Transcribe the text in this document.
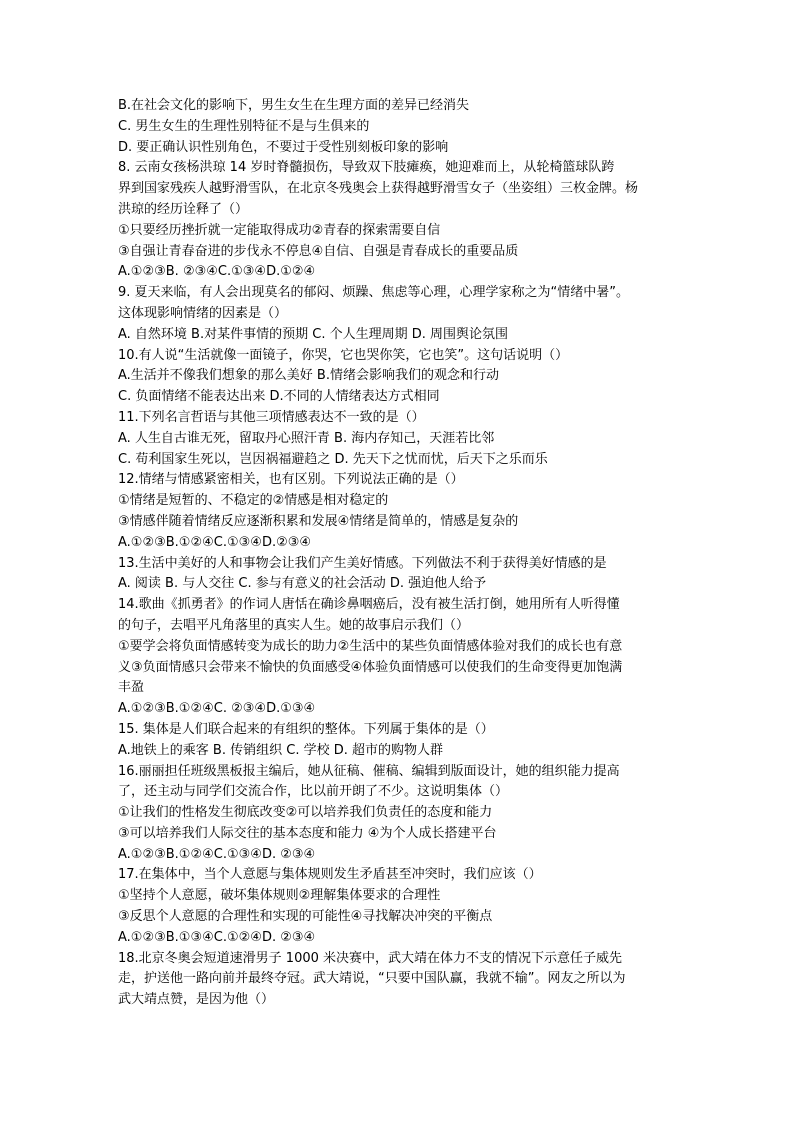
B.在社会文化的影响下，男生女生在生理方面的差异已经消失
C. 男生女生的生理性别特征不是与生俱来的
D. 要正确认识性别角色，不要过于受性别刻板印象的影响
8. 云南女孩杨洪琼 14 岁时脊髓损伤，导致双下肢瘫痪，她迎难而上，从轮椅篮球队跨
界到国家残疾人越野滑雪队，在北京冬残奥会上获得越野滑雪女子（坐姿组）三枚金牌。杨
洪琼的经历诠释了（）
①只要经历挫折就一定能取得成功②青春的探索需要自信
③自强让青春奋进的步伐永不停息④自信、自强是青春成长的重要品质
A.①②③B. ②③④C.①③④D.①②④
9. 夏天来临，有人会出现莫名的郁闷、烦躁、焦虑等心理，心理学家称之为“情绪中暑”。
这体现影响情绪的因素是（）
A. 自然环境 B.对某件事情的预期 C. 个人生理周期 D. 周围舆论氛围
10.有人说“生活就像一面镜子，你哭，它也哭你笑，它也笑”。这句话说明（）
A.生活并不像我们想象的那么美好 B.情绪会影响我们的观念和行动
C. 负面情绪不能表达出来 D.不同的人情绪表达方式相同
11.下列名言哲语与其他三项情感表达不一致的是（）
A. 人生自古谁无死，留取丹心照汗青 B. 海内存知己，天涯若比邻
C. 苟利国家生死以，岂因祸福避趋之 D. 先天下之忧而忧，后天下之乐而乐
12.情绪与情感紧密相关，也有区别。下列说法正确的是（）
①情绪是短暂的、不稳定的②情感是相对稳定的
③情感伴随着情绪反应逐渐积累和发展④情绪是简单的，情感是复杂的
A.①②③B.①②④C.①③④D.②③④
13.生活中美好的人和事物会让我们产生美好情感。下列做法不利于获得美好情感的是
A. 阅读 B. 与人交往 C. 参与有意义的社会活动 D. 强迫他人给予
14.歌曲《抓勇者》的作词人唐恬在确诊鼻咽癌后，没有被生活打倒，她用所有人听得懂
的句子，去唱平凡角落里的真实人生。她的故事启示我们（）
①要学会将负面情感转变为成长的助力②生活中的某些负面情感体验对我们的成长也有意
义③负面情感只会带来不愉快的负面感受④体验负面情感可以使我们的生命变得更加饱满
丰盈
A.①②③B.①②④C. ②③④D.①③④
15. 集体是人们联合起来的有组织的整体。下列属于集体的是（）
A.地铁上的乘客 B. 传销组织 C. 学校 D. 超市的购物人群
16.丽丽担任班级黑板报主编后，她从征稿、催稿、编辑到版面设计，她的组织能力提高
了，还主动与同学们交流合作，比以前开朗了不少。这说明集体（）
①让我们的性格发生彻底改变②可以培养我们负责任的态度和能力
③可以培养我们人际交往的基本态度和能力 ④为个人成长搭建平台
A.①②③B.①②④C.①③④D. ②③④
17.在集体中，当个人意愿与集体规则发生矛盾甚至冲突时，我们应该（）
①坚持个人意愿，破坏集体规则②理解集体要求的合理性
③反思个人意愿的合理性和实现的可能性④寻找解决冲突的平衡点
A.①②③B.①③④C.①②④D. ②③④
18.北京冬奥会短道速滑男子 1000 米决赛中，武大靖在体力不支的情况下示意任子威先
走，护送他一路向前并最终夺冠。武大靖说，“只要中国队赢，我就不输”。网友之所以为
武大靖点赞，是因为他（）
